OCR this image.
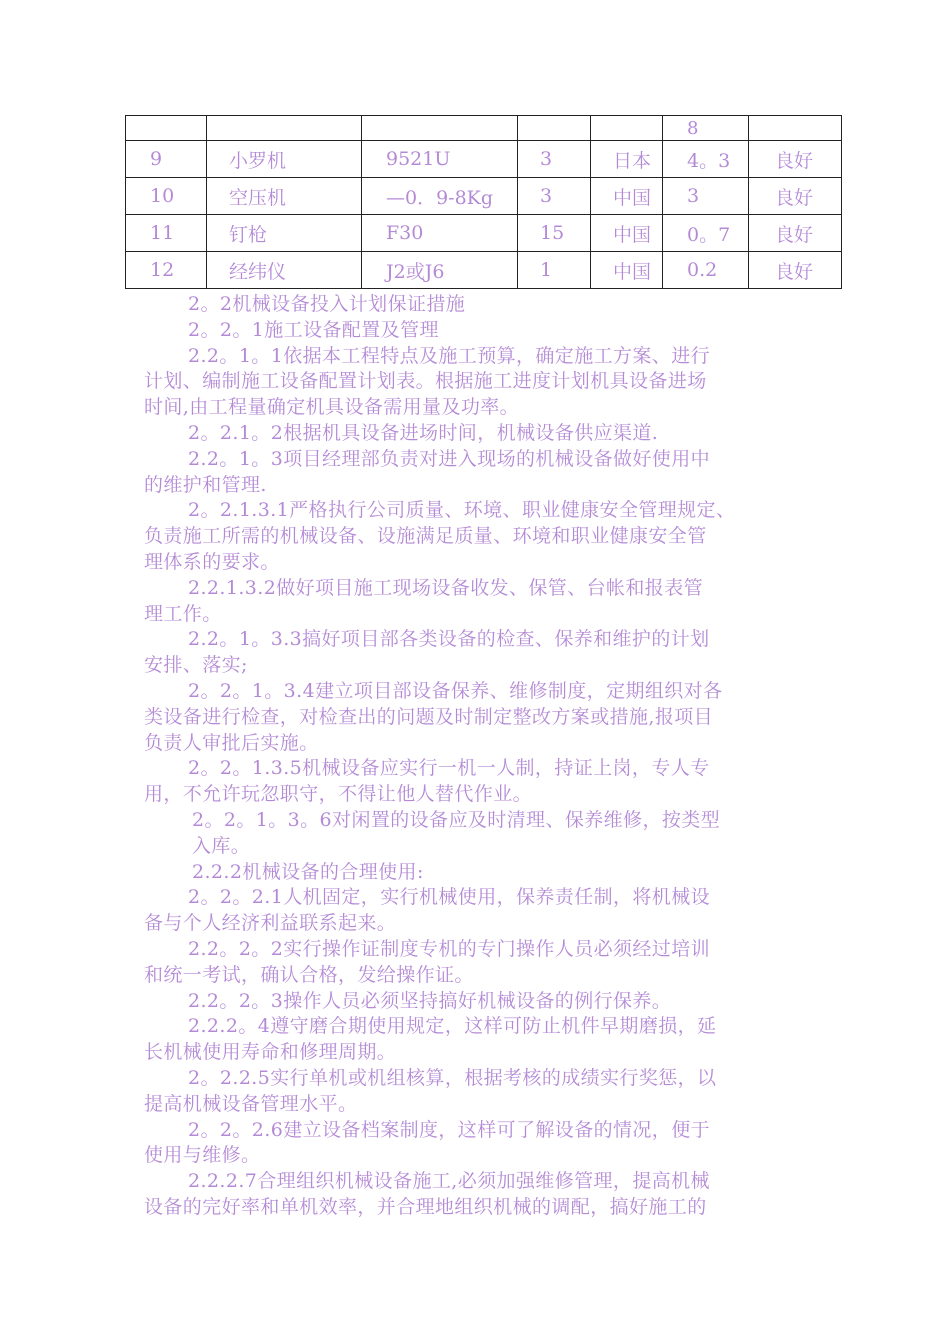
					8	
9	小罗机	9521U	3	日本	4。3	良好
10	空压机	—0．9-8Kg	3	中国	3	良好
11	钉枪	F30	15	中国	0。7	良好
12	经纬仪	J2或J6	1	中国	0.2	良好

2。2机械设备投入计划保证措施

2。2。1施工设备配置及管理

2.2。1。1依据本工程特点及施工预算，确定施工方案、进行

计划、编制施工设备配置计划表。根据施工进度计划机具设备进场

时间,由工程量确定机具设备需用量及功率。

2。2.1。2根据机具设备进场时间，机械设备供应渠道.

2.2。1。3项目经理部负责对进入现场的机械设备做好使用中

的维护和管理.

2。2.1.3.1严格执行公司质量、环境、职业健康安全管理规定、

负责施工所需的机械设备、设施满足质量、环境和职业健康安全管

理体系的要求。

2.2.1.3.2做好项目施工现场设备收发、保管、台帐和报表管

理工作。

2.2。1。3.3搞好项目部各类设备的检查、保养和维护的计划

安排、落实;

2。2。1。3.4建立项目部设备保养、维修制度，定期组织对各

类设备进行检查，对检查出的问题及时制定整改方案或措施,报项目

负责人审批后实施。

2。2。1.3.5机械设备应实行一机一人制，持证上岗，专人专

用，不允许玩忽职守，不得让他人替代作业。

2。2。1。3。6对闲置的设备应及时清理、保养维修，按类型

入库。

2.2.2机械设备的合理使用:

2。2。2.1人机固定，实行机械使用，保养责任制，将机械设

备与个人经济利益联系起来。

2.2。2。2实行操作证制度专机的专门操作人员必须经过培训

和统一考试，确认合格，发给操作证。

2.2。2。3操作人员必须坚持搞好机械设备的例行保养。

2.2.2。4遵守磨合期使用规定，这样可防止机件早期磨损，延

长机械使用寿命和修理周期。

2。2.2.5实行单机或机组核算，根据考核的成绩实行奖惩，以

提高机械设备管理水平。

2。2。2.6建立设备档案制度，这样可了解设备的情况，便于

使用与维修。

2.2.2.7合理组织机械设备施工,必须加强维修管理，提高机械

设备的完好率和单机效率，并合理地组织机械的调配，搞好施工的
